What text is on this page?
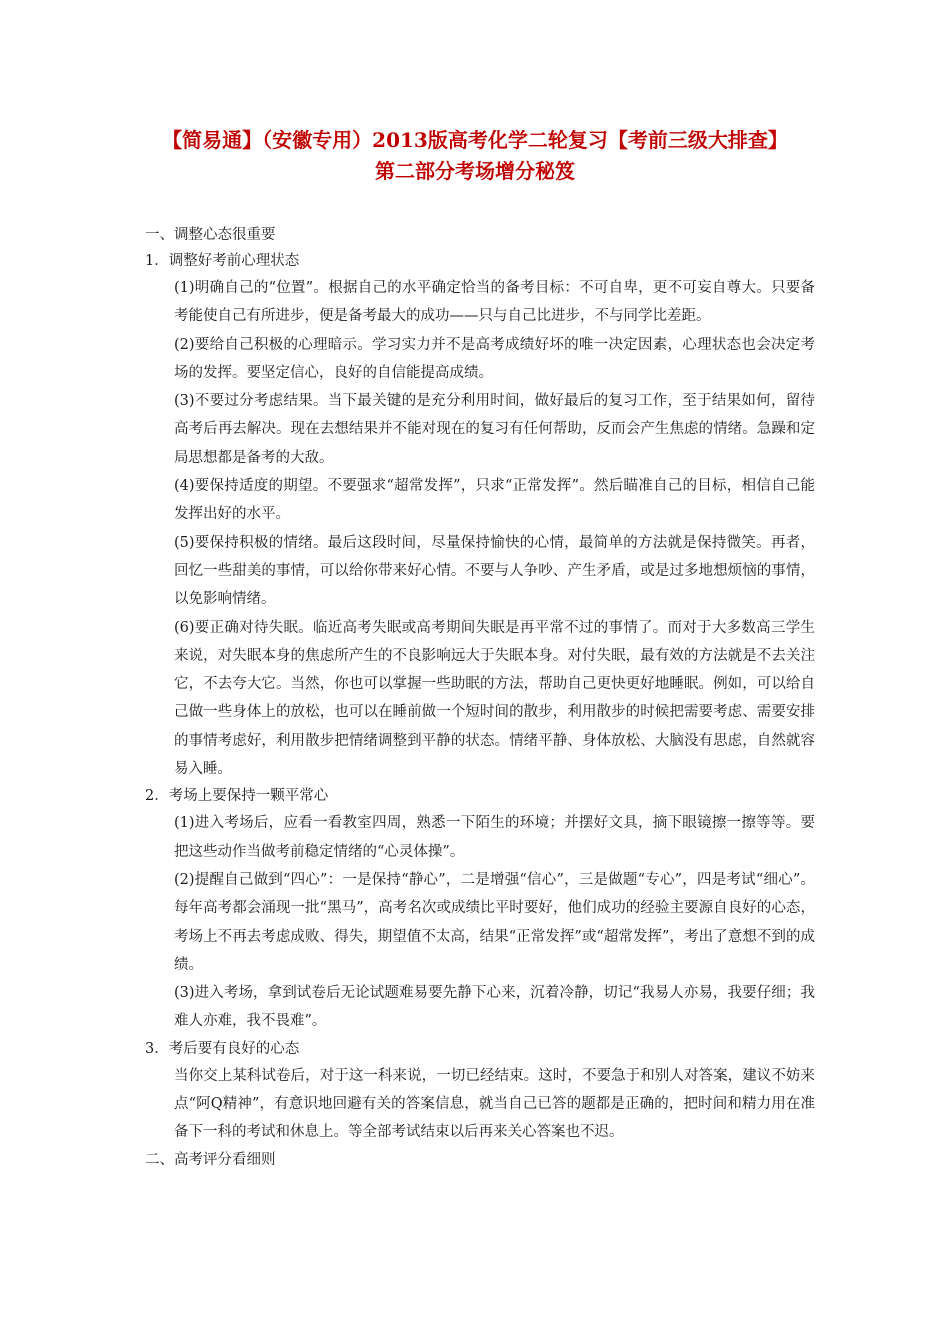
【简易通】（安徽专用）2013版高考化学二轮复习【考前三级大排查】

第二部分考场增分秘笈

一、调整心态很重要

1．调整好考前心理状态

(1)明确自己的“位置”。根据自己的水平确定恰当的备考目标：不可自卑，更不可妄自尊大。只要备考能使自己有所进步，便是备考最大的成功——只与自己比进步，不与同学比差距。

(2)要给自己积极的心理暗示。学习实力并不是高考成绩好坏的唯一决定因素，心理状态也会决定考场的发挥。要坚定信心，良好的自信能提高成绩。

(3)不要过分考虑结果。当下最关键的是充分利用时间，做好最后的复习工作，至于结果如何，留待高考后再去解决。现在去想结果并不能对现在的复习有任何帮助，反而会产生焦虑的情绪。急躁和定局思想都是备考的大敌。

(4)要保持适度的期望。不要强求“超常发挥”，只求“正常发挥”。然后瞄准自己的目标，相信自己能发挥出好的水平。

(5)要保持积极的情绪。最后这段时间，尽量保持愉快的心情，最简单的方法就是保持微笑。再者，回忆一些甜美的事情，可以给你带来好心情。不要与人争吵、产生矛盾，或是过多地想烦恼的事情，以免影响情绪。

(6)要正确对待失眠。临近高考失眠或高考期间失眠是再平常不过的事情了。而对于大多数高三学生来说，对失眠本身的焦虑所产生的不良影响远大于失眠本身。对付失眠，最有效的方法就是不去关注它，不去夸大它。当然，你也可以掌握一些助眠的方法，帮助自己更快更好地睡眠。例如，可以给自己做一些身体上的放松，也可以在睡前做一个短时间的散步，利用散步的时候把需要考虑、需要安排的事情考虑好，利用散步把情绪调整到平静的状态。情绪平静、身体放松、大脑没有思虑，自然就容易入睡。

2．考场上要保持一颗平常心

(1)进入考场后，应看一看教室四周，熟悉一下陌生的环境；并摆好文具，摘下眼镜擦一擦等等。要把这些动作当做考前稳定情绪的“心灵体操”。

(2)提醒自己做到“四心”：一是保持“静心”，二是增强“信心”，三是做题“专心”，四是考试“细心”。每年高考都会涌现一批“黑马”，高考名次或成绩比平时要好，他们成功的经验主要源自良好的心态，考场上不再去考虑成败、得失，期望值不太高，结果“正常发挥”或“超常发挥”，考出了意想不到的成绩。

(3)进入考场，拿到试卷后无论试题难易要先静下心来，沉着冷静，切记“我易人亦易，我要仔细；我难人亦难，我不畏难”。

3．考后要有良好的心态

当你交上某科试卷后，对于这一科来说，一切已经结束。这时，不要急于和别人对答案，建议不妨来点“阿Q精神”，有意识地回避有关的答案信息，就当自己已答的题都是正确的，把时间和精力用在准备下一科的考试和休息上。等全部考试结束以后再来关心答案也不迟。

二、高考评分看细则
